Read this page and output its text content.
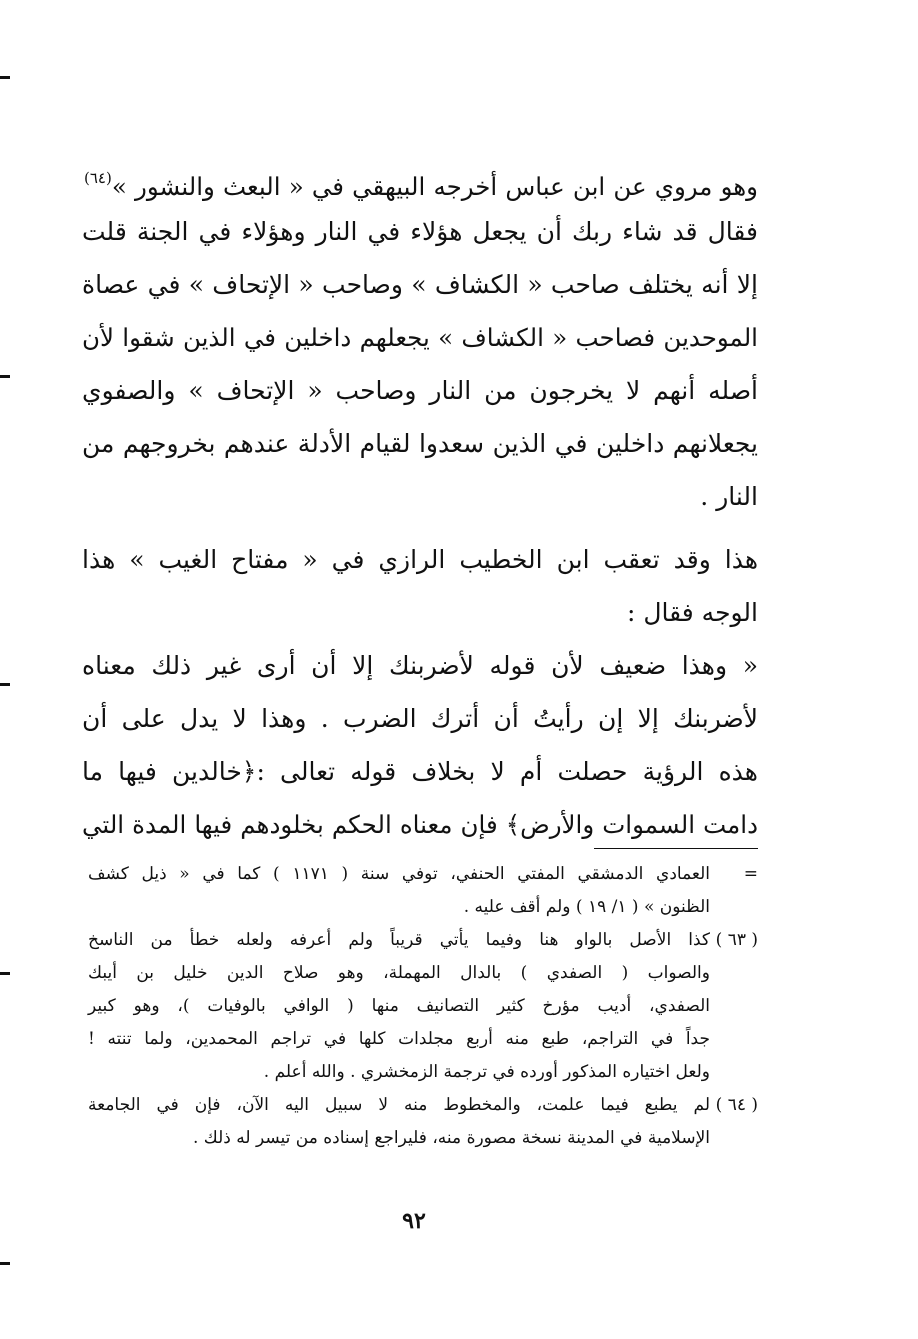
وهو مروي عن ابن عباس أخرجه البيهقي في « البعث والنشور »$^{(٦٤)}$
فقال قد شاء ربك أن يجعل هؤلاء في النار وهؤلاء في الجنة قلت
إلا أنه يختلف صاحب « الكشاف » وصاحب « الإتحاف » في عصاة
الموحدين فصاحب « الكشاف » يجعلهم داخلين في الذين شقوا لأن
أصله أنهم لا يخرجون من النار وصاحب « الإتحاف » والصفوي
يجعلانهم داخلين في الذين سعدوا لقيام الأدلة عندهم بخروجهم من
النار .
هذا وقد تعقب ابن الخطيب الرازي في « مفتاح الغيب » هذا
الوجه فقال :
« وهذا ضعيف لأن قوله لأضربنك إلا أن أرى غير ذلك معناه
لأضربنك إلا إن رأيتُ أن أترك الضرب . وهذا لا يدل على أن
هذه الرؤية حصلت أم لا بخلاف قوله تعالى :﴿خالدين فيها ما
دامت السموات والأرض﴾ فإن معناه الحكم بخلودهم فيها المدة التي
=
العمادي الدمشقي المفتي الحنفي، توفي سنة ( ١١٧١ ) كما في « ذيل كشف
الظنون » ( ١/ ١٩ ) ولم أقف عليه .
( ٦٣ )
كذا الأصل بالواو هنا وفيما يأتي قريباً ولم أعرفه ولعله خطأ من الناسخ
والصواب ( الصفدي ) بالدال المهملة، وهو صلاح الدين خليل بن أيبك
الصفدي، أديب مؤرخ كثير التصانيف منها ( الوافي بالوفيات )، وهو كبير
جداً في التراجم، طبع منه أربع مجلدات كلها في تراجم المحمدين، ولما تنته !
ولعل اختياره المذكور أورده في ترجمة الزمخشري . والله أعلم .
( ٦٤ )
لم يطبع فيما علمت، والمخطوط منه لا سبيل اليه الآن، فإن في الجامعة
الإسلامية في المدينة نسخة مصورة منه، فليراجع إسناده من تيسر له ذلك .
٩٢
